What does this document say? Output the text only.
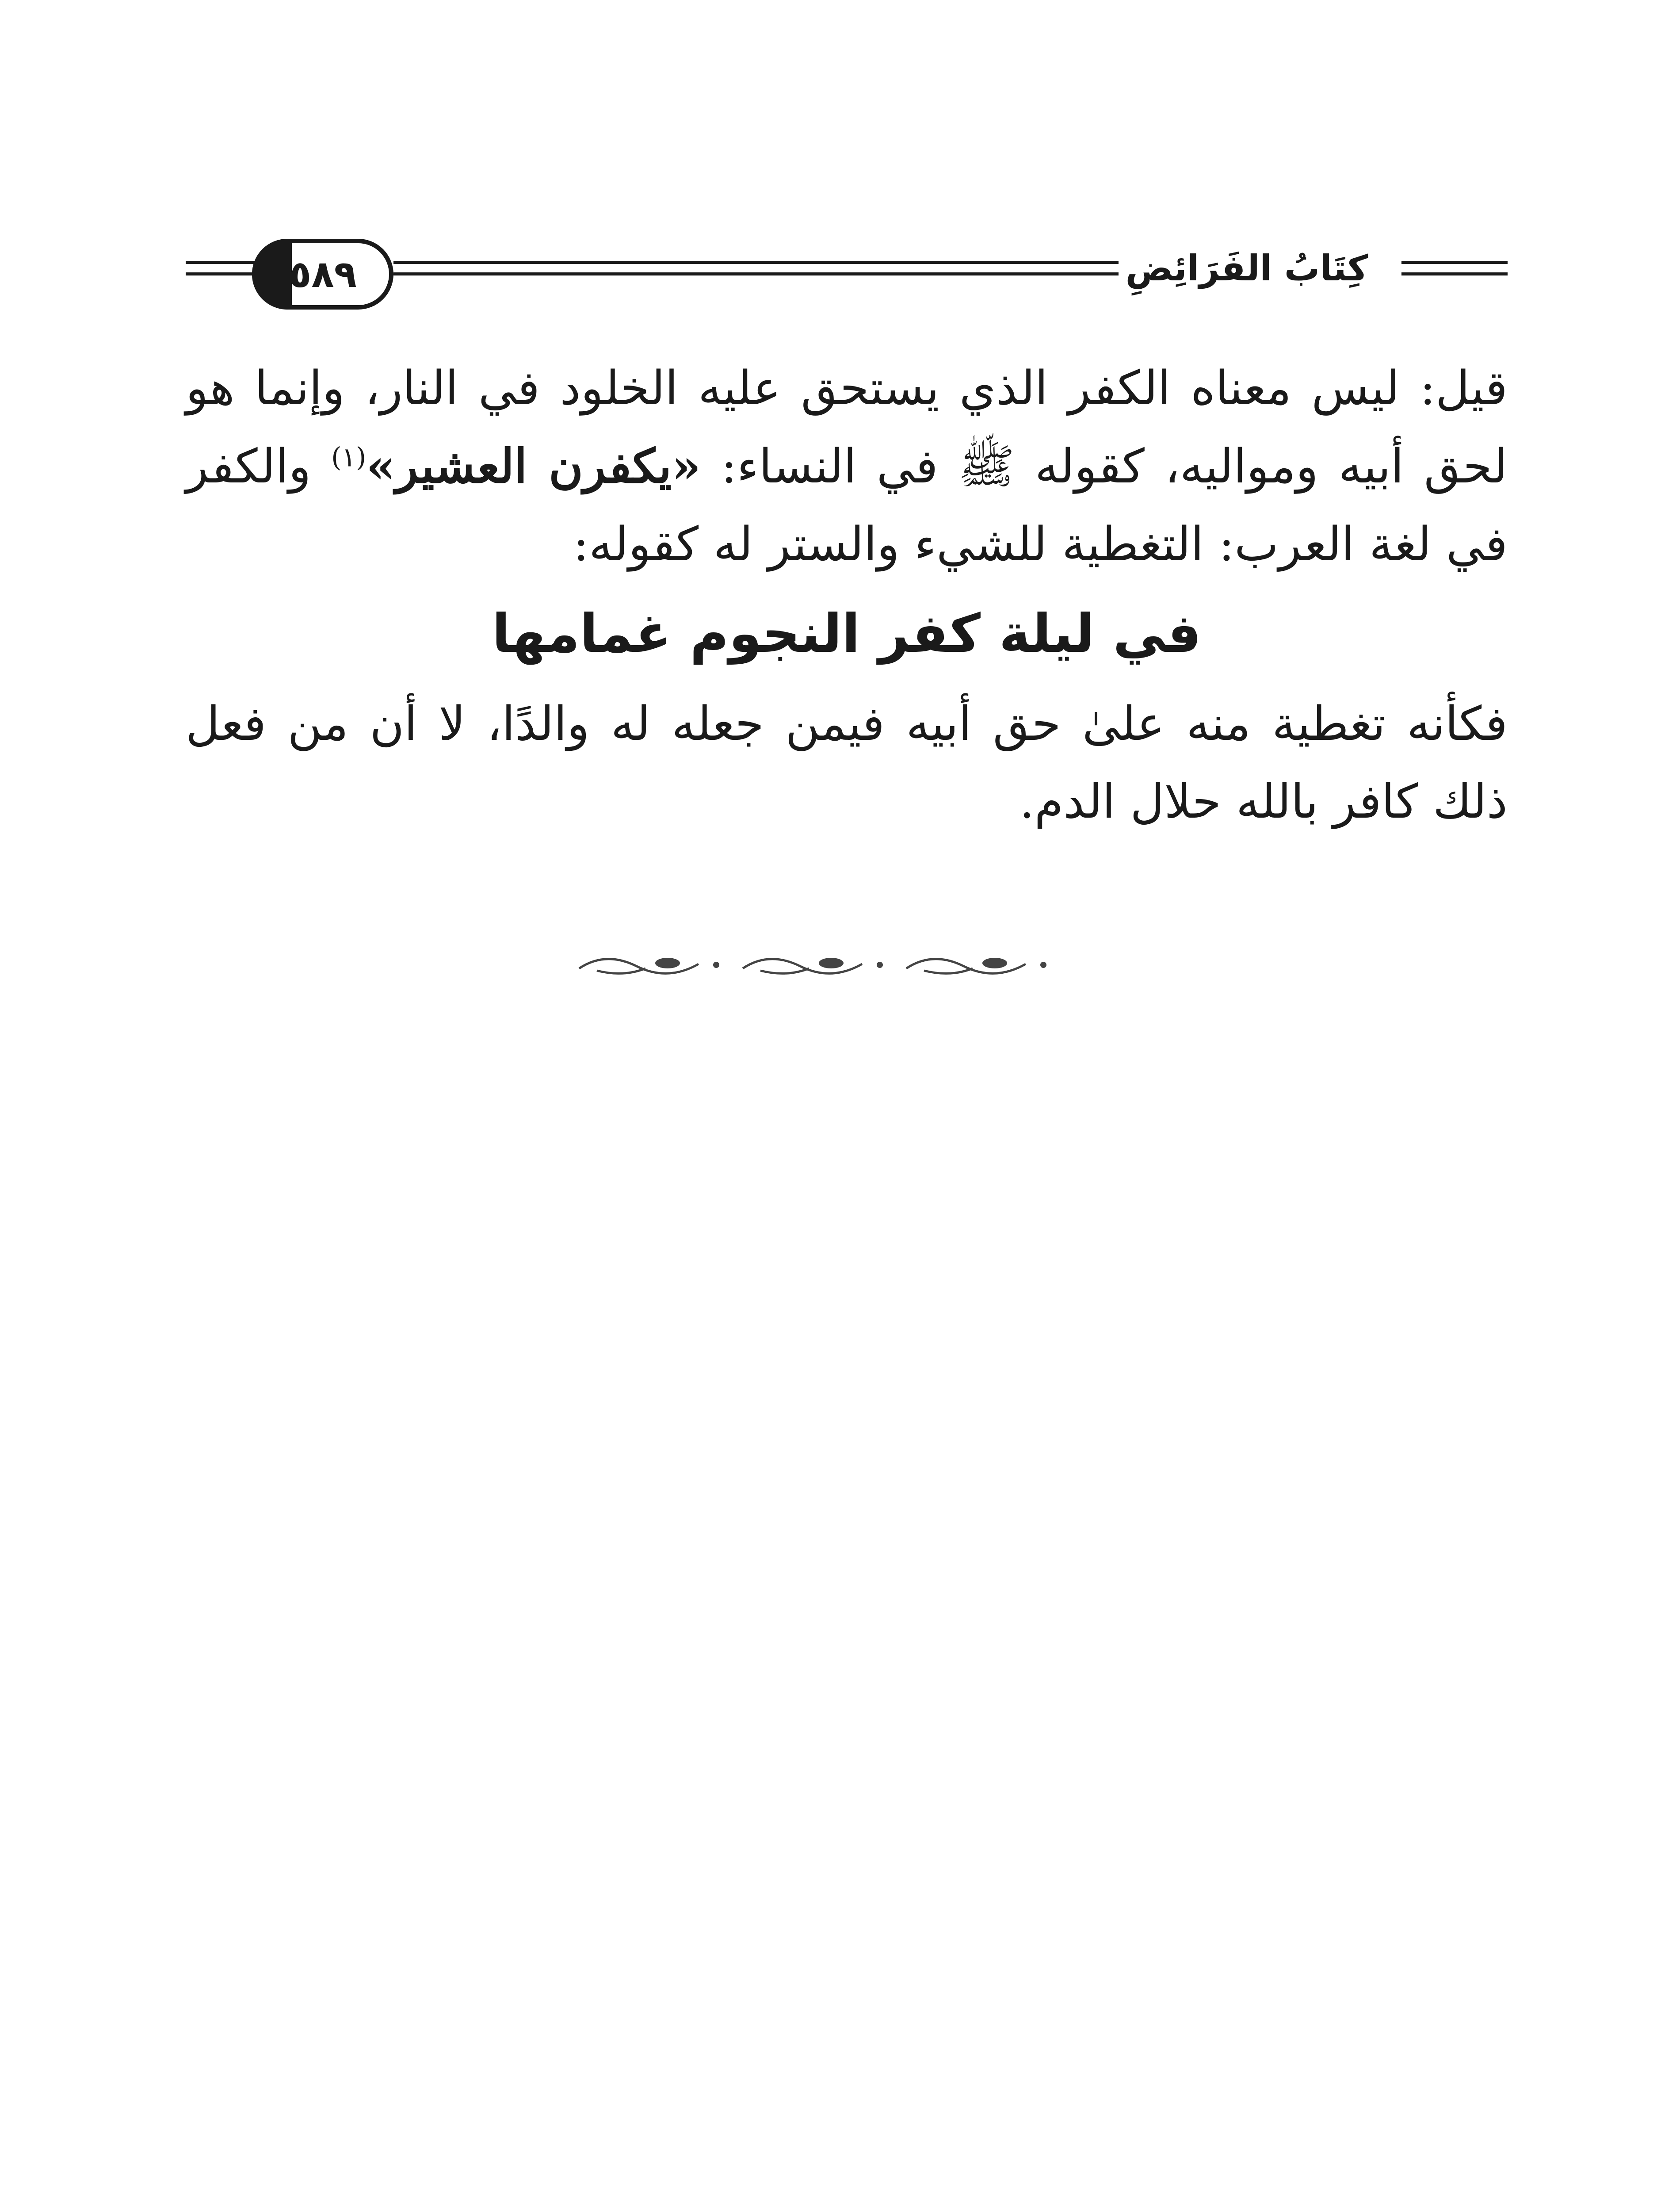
كِتَابُ الفَرَائِضِ
٥٨٩

قيل: ليس معناه الكفر الذي يستحق عليه الخلود في النار، وإنما هو لحق أبيه ومواليه، كقوله ﷺ في النساء: «يكفرن العشير»$^{(١)}$ والكفر في لغة العرب: التغطية للشيء والستر له كقوله:

في ليلة كفر النجوم غمامها

فكأنه تغطية منه علىٰ حق أبيه فيمن جعله له والدًا، لا أن من فعل ذلك كافر بالله حلال الدم.
